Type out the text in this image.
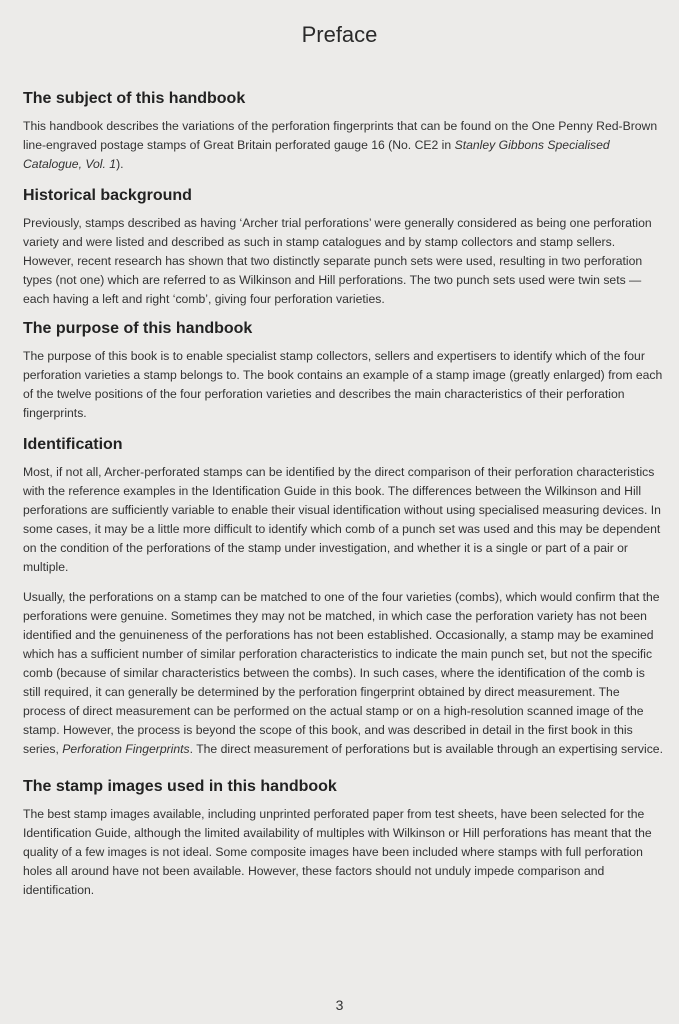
Preface
The subject of this handbook

This handbook describes the variations of the perforation fingerprints that can be found on the One Penny Red-Brown line-engraved postage stamps of Great Britain perforated gauge 16 (No. CE2 in Stanley Gibbons Specialised Catalogue, Vol. 1).

Historical background

Previously, stamps described as having ‘Archer trial perforations’ were generally considered as being one perforation variety and were listed and described as such in stamp catalogues and by stamp collectors and stamp sellers. However, recent research has shown that two distinctly separate punch sets were used, resulting in two perforation types (not one) which are referred to as Wilkinson and Hill perforations. The two punch sets used were twin sets — each having a left and right ‘comb’, giving four perforation varieties.

The purpose of this handbook

The purpose of this book is to enable specialist stamp collectors, sellers and expertisers to identify which of the four perforation varieties a stamp belongs to. The book contains an example of a stamp image (greatly enlarged) from each of the twelve positions of the four perforation varieties and describes the main characteristics of their perforation fingerprints.

Identification

Most, if not all, Archer-perforated stamps can be identified by the direct comparison of their perforation characteristics with the reference examples in the Identification Guide in this book. The differences between the Wilkinson and Hill perforations are sufficiently variable to enable their visual identification without using specialised measuring devices. In some cases, it may be a little more difficult to identify which comb of a punch set was used and this may be dependent on the condition of the perforations of the stamp under investigation, and whether it is a single or part of a pair or multiple.

Usually, the perforations on a stamp can be matched to one of the four varieties (combs), which would confirm that the perforations were genuine. Sometimes they may not be matched, in which case the perforation variety has not been identified and the genuineness of the perforations has not been established. Occasionally, a stamp may be examined which has a sufficient number of similar perforation characteristics to indicate the main punch set, but not the specific comb (because of similar characteristics between the combs). In such cases, where the identification of the comb is still required, it can generally be determined by the perforation fingerprint obtained by direct measurement. The process of direct measurement can be performed on the actual stamp or on a high-resolution scanned image of the stamp. However, the process is beyond the scope of this book, and was described in detail in the first book in this series, Perforation Fingerprints. The direct measurement of perforations but is available through an expertising service.

The stamp images used in this handbook

The best stamp images available, including unprinted perforated paper from test sheets, have been selected for the Identification Guide, although the limited availability of multiples with Wilkinson or Hill perforations has meant that the quality of a few images is not ideal. Some composite images have been included where stamps with full perforation holes all around have not been available. However, these factors should not unduly impede comparison and identification.

3
